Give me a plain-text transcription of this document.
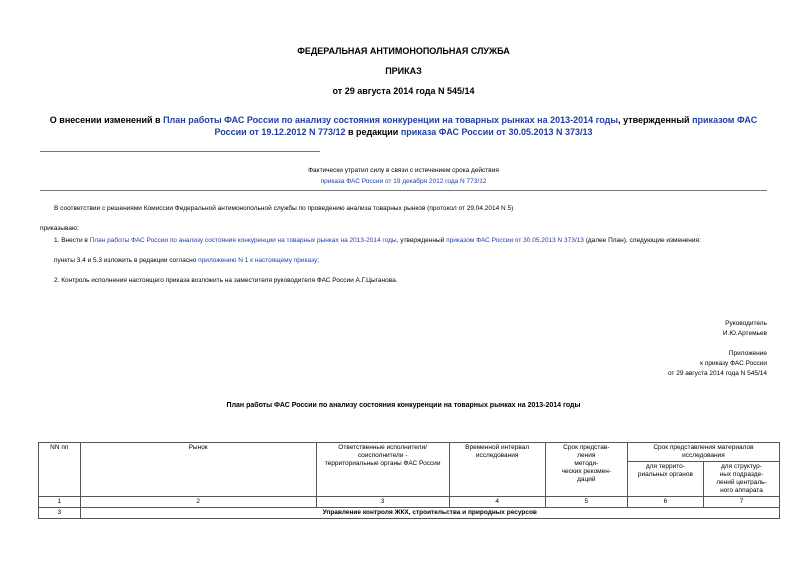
ФЕДЕРАЛЬНАЯ АНТИМОНОПОЛЬНАЯ СЛУЖБА
ПРИКАЗ
от 29 августа 2014 года N 545/14
О внесении изменений в План работы ФАС России по анализу состояния конкуренции на товарных рынках на 2013-2014 годы, утвержденный приказом ФАС
России от 19.12.2012 N 773/12 в редакции приказа ФАС России от 30.05.2013 N 373/13
Фактически утратил силу в связи с истечением срока действия
приказа ФАС России от 19 декабря 2012 года N 773/12
В соответствии с решениями Комиссии Федеральной антимонопольной службы по проведению анализа товарных рынков (протокол от 29.04.2014 N 5)
приказываю:
1. Внести в План работы ФАС России по анализу состояния конкуренции на товарных рынках на 2013-2014 годы, утвержденный приказом ФАС России от 30.05.2013 N 373/13 (далее План), следующие изменения:
пункты 3.4 и 5.3 изложить в редакции согласно приложению N 1 к настоящему приказу;
2. Контроль исполнения настоящего приказа возложить на заместителя руководителя ФАС России А.Г.Цыганова.
Руководитель
И.Ю.Артемьев
Приложение
к приказу ФАС России
от 29 августа 2014 года N 545/14
План работы ФАС России по анализу состояния конкуренции на товарных рынках на 2013-2014 годы
NN пп	Рынок	Ответственные исполнители/
соисполнители -
территориальные органы ФАС России	Временной интервал
исследования	Срок представ-
ления
методи-
ческих рекомен-
даций	Срок представления материалов
исследования	
					для террито-
риальных органов	для структур-
ных подразде-
лений централь-
ного аппарата
1	2	3	4	5	6	7
3	Управление контроля ЖКХ, строительства и природных ресурсов					
